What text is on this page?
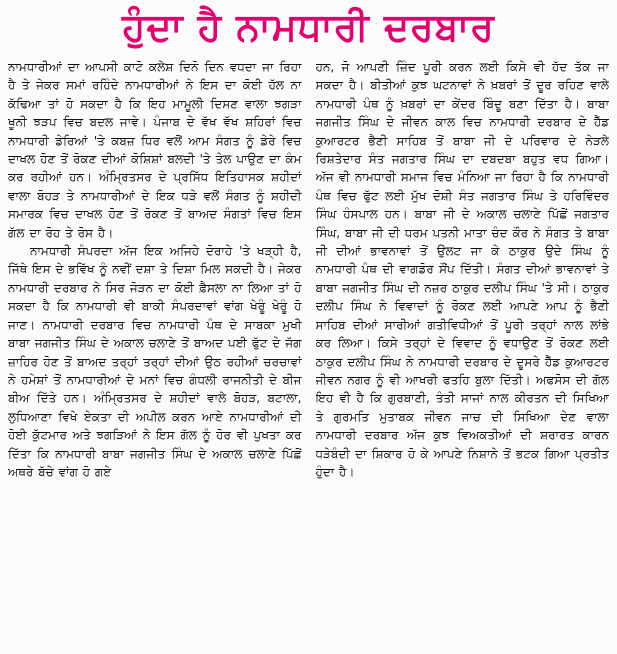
ਹੁੰਦਾ ਹੈ ਨਾਮਧਾਰੀ ਦਰਬਾਰ

ਨਾਮਧਾਰੀਆਂ ਦਾ ਆਪਸੀ ਕਾਟੋ ਕਲੇਸ਼ ਦਿਨੋ ਦਿਨ ਵਧਦਾ ਜਾ ਰਿਹਾ ਹੈ ਤੇ ਜੇਕਰ ਸਮਾਂ ਰਹਿੰਦੇ ਨਾਮਧਾਰੀਆਂ ਨੇ ਇਸ ਦਾ ਕੋਈ ਹੱਲ ਨਾ ਕੱਢਿਆ ਤਾਂ ਹੋ ਸਕਦਾ ਹੈ ਕਿ ਇਹ ਮਾਮੂਲੀ ਦਿਸਣ ਵਾਲਾ ਝਗੜਾ ਖੂਨੀ ਝੜਪ ਵਿਚ ਬਦਲ ਜਾਵੇ। ਪੰਜਾਬ ਦੇ ਵੱਖ ਵੱਖ ਸ਼ਹਿਰਾਂ ਵਿਚ ਨਾਮਧਾਰੀ ਡੇਰਿਆਂ 'ਤੇ ਕਬਜ਼ ਧਿਰ ਵਲੋਂ ਆਮ ਸੰਗਤ ਨੂੰ ਡੇਰੇ ਵਿਚ ਦਾਖਲ ਹੋਣ ਤੋਂ ਰੋਕਣ ਦੀਆਂ ਕੋਸ਼ਿਸ਼ਾਂ ਬਲਦੀ 'ਤੇ ਤੇਲ ਪਾਉਣ ਦਾ ਕੰਮ ਕਰ ਰਹੀਆਂ ਹਨ। ਅੰਮ੍ਰਿਤਸਰ ਦੇ ਪ੍ਰਸਿੱਧ ਇਤਿਹਾਸਕ ਸ਼ਹੀਦਾਂ ਵਾਲਾ ਬੋਹੜ ਤੇ ਨਾਮਧਾਰੀਆਂ ਦੇ ਇਕ ਧੜੇ ਵਲੋਂ ਸੰਗਤ ਨੂੰ ਸ਼ਹੀਦੀ ਸਮਾਰਕ ਵਿਚ ਦਾਖਲ ਹੋਣ ਤੋਂ ਰੋਕਣ ਤੋਂ ਬਾਅਦ ਸੰਗਤਾਂ ਵਿਚ ਇਸ ਗੱਲ ਦਾ ਰੋਹ ਤੇ ਰੋਸ ਹੈ।

ਨਾਮਧਾਰੀ ਸੰਪਰਦਾ ਅੱਜ ਇਕ ਅਜਿਹੇ ਦੋਰਾਹੇ 'ਤੇ ਖੜ੍ਹੀ ਹੈ, ਜਿੱਥੇ ਇਸ ਦੇ ਭਵਿੱਖ ਨੂੰ ਨਵੀਂ ਦਸ਼ਾ ਤੇ ਦਿਸ਼ਾ ਮਿਲ ਸਕਦੀ ਹੈ। ਜੇਕਰ ਨਾਮਧਾਰੀ ਦਰਬਾਰ ਨੇ ਸਿਰ ਜੋੜਨ ਦਾ ਕੋਈ ਫ਼ੈਸਲਾ ਨਾ ਲਿਆ ਤਾਂ ਹੋ ਸਕਦਾ ਹੈ ਕਿ ਨਾਮਧਾਰੀ ਵੀ ਬਾਕੀ ਸੰਪਰਦਾਵਾਂ ਵਾਂਗ ਖੇਰੂੰ ਖੇਰੂੰ ਹੋ ਜਾਣ। ਨਾਮਧਾਰੀ ਦਰਬਾਰ ਵਿਚ ਨਾਮਧਾਰੀ ਪੰਥ ਦੇ ਸਾਬਕਾ ਮੁਖੀ ਬਾਬਾ ਜਗਜੀਤ ਸਿੰਘ ਦੇ ਅਕਾਲ ਚਲਾਣੇ ਤੋਂ ਬਾਅਦ ਪਈ ਫੁੱਟ ਦੇ ਜੱਗ ਜ਼ਾਹਿਰ ਹੋਣ ਤੋਂ ਬਾਅਦ ਤਰ੍ਹਾਂ ਤਰ੍ਹਾਂ ਦੀਆਂ ਉਠ ਰਹੀਆਂ ਚਰਚਾਵਾਂ ਨੇ ਹਮੇਸ਼ਾਂ ਤੋਂ ਨਾਮਧਾਰੀਆਂ ਦੇ ਮਨਾਂ ਵਿਚ ਗੰਧਲੀ ਰਾਜਨੀਤੀ ਦੇ ਬੀਜ ਬੀਅ ਦਿੱਤੇ ਹਨ। ਅੰਮ੍ਰਿਤਸਰ ਦੇ ਸ਼ਹੀਦਾਂ ਵਾਲੇ ਬੋਹੜ, ਬਟਾਲਾ, ਲੁਧਿਆਣਾ ਵਿਖੇ ਏਕਤਾ ਦੀ ਅਪੀਲ ਕਰਨ ਆਏ ਨਾਮਧਾਰੀਆਂ ਦੀ ਹੋਈ ਕੁੱਟਮਾਰ ਅਤੇ ਝਗੜਿਆਂ ਨੇ ਇਸ ਗੱਲ ਨੂੰ ਹੋਰ ਵੀ ਪੁਖਤਾ ਕਰ ਦਿੱਤਾ ਕਿ ਨਾਮਧਾਰੀ ਬਾਬਾ ਜਗਜੀਤ ਸਿੰਘ ਦੇ ਅਕਾਲ ਚਲਾਣੇ ਪਿੱਛੋਂ ਅਥਰੇ ਬੱਚੇ ਵਾਂਗ ਹੋ ਗਏ

ਹਨ, ਜੋ ਆਪਣੀ ਜ਼ਿੰਦ ਪੂਰੀ ਕਰਨ ਲਈ ਕਿਸੇ ਵੀ ਹੱਦ ਤੱਕ ਜਾ ਸਕਦਾ ਹੈ। ਬੀਤੀਆਂ ਕੁਝ ਘਟਨਾਵਾਂ ਨੇ ਖ਼ਬਰਾਂ ਤੋਂ ਦੂਰ ਰਹਿਣ ਵਾਲੇ ਨਾਮਧਾਰੀ ਪੰਥ ਨੂੰ ਖ਼ਬਰਾਂ ਦਾ ਕੇਂਦਰ ਬਿੰਦੂ ਬਣਾ ਦਿੱਤਾ ਹੈ। ਬਾਬਾ ਜਗਜੀਤ ਸਿੰਘ ਦੇ ਜੀਵਨ ਕਾਲ ਵਿਚ ਨਾਮਧਾਰੀ ਦਰਬਾਰ ਦੇ ਹੈੱਡ ਕੁਆਰਟਰ ਭੈਣੀ ਸਾਹਿਬ ਤੋਂ ਬਾਬਾ ਜੀ ਦੇ ਪਰਿਵਾਰ ਦੇ ਨੇੜਲੇ ਰਿਸ਼ਤੇਦਾਰ ਸੰਤ ਜਗਤਾਰ ਸਿੰਘ ਦਾ ਦਬਦਬਾ ਬਹੁਤ ਵਧ ਗਿਆ। ਅੱਜ ਵੀ ਨਾਮਧਾਰੀ ਸਮਾਜ ਵਿਚ ਮੰਨਿਆ ਜਾ ਰਿਹਾ ਹੈ ਕਿ ਨਾਮਧਾਰੀ ਪੰਥ ਵਿਚ ਫੁੱਟ ਲਈ ਮੁੱਖ ਦੋਸ਼ੀ ਸੰਤ ਜਗਤਾਰ ਸਿੰਘ ਤੇ ਹਰਿਵਿੰਦਰ ਸਿੰਘ ਹੰਸਪਾਲ ਹਨ। ਬਾਬਾ ਜੀ ਦੇ ਅਕਾਲ ਚਲਾਣੇ ਪਿੱਛੋਂ ਜਗਤਾਰ ਸਿੰਘ, ਬਾਬਾ ਜੀ ਦੀ ਧਰਮ ਪਤਨੀ ਮਾਤਾ ਚੰਦ ਕੌਰ ਨੇ ਸੰਗਤ ਤੇ ਬਾਬਾ ਜੀ ਦੀਆਂ ਭਾਵਨਾਵਾਂ ਤੋਂ ਉਲਟ ਜਾ ਕੇ ਠਾਕੁਰ ਉਦੇ ਸਿੰਘ ਨੂੰ ਨਾਮਧਾਰੀ ਪੰਥ ਦੀ ਵਾਗਡੋਰ ਸੌਂਪ ਦਿੱਤੀ। ਸੰਗਤ ਦੀਆਂ ਭਾਵਨਾਵਾਂ ਤੇ ਬਾਬਾ ਜਗਜੀਤ ਸਿੰਘ ਦੀ ਨਜ਼ਰ ਠਾਕੁਰ ਦਲੀਪ ਸਿੰਘ 'ਤੇ ਸੀ। ਠਾਕੁਰ ਦਲੀਪ ਸਿੰਘ ਨੇ ਵਿਵਾਦਾਂ ਨੂੰ ਰੋਕਣ ਲਈ ਆਪਣੇ ਆਪ ਨੂੰ ਭੈਣੀ ਸਾਹਿਬ ਦੀਆਂ ਸਾਰੀਆਂ ਗਤੀਵਿਧੀਆਂ ਤੋਂ ਪੂਰੀ ਤਰ੍ਹਾਂ ਨਾਲ ਲਾਂਭੇ ਕਰ ਲਿਆ। ਕਿਸੇ ਤਰ੍ਹਾਂ ਦੇ ਵਿਵਾਦ ਨੂੰ ਵਧਾਉਣ ਤੋਂ ਰੋਕਣ ਲਈ ਠਾਕੁਰ ਦਲੀਪ ਸਿੰਘ ਨੇ ਨਾਮਧਾਰੀ ਦਰਬਾਰ ਦੇ ਦੂਸਰੇ ਹੈੱਡ ਕੁਆਰਟਰ ਜੀਵਨ ਨਗਰ ਨੂੰ ਵੀ ਆਖਰੀ ਫਤਹਿ ਬੁਲਾ ਦਿੱਤੀ। ਅਫਸੋਸ ਦੀ ਗੱਲ ਇਹ ਵੀ ਹੈ ਕਿ ਗੁਰਬਾਣੀ, ਤੰਤੀ ਸਾਜਾਂ ਨਾਲ ਕੀਰਤਨ ਦੀ ਸਿਖਿਆ ਤੇ ਗੁਰਮਤਿ ਮੁਤਾਬਕ ਜੀਵਨ ਜਾਚ ਦੀ ਸਿਖਿਆ ਦੇਣ ਵਾਲਾ ਨਾਮਧਾਰੀ ਦਰਬਾਰ ਅੱਜ ਕੁਝ ਵਿਅਕਤੀਆਂ ਦੀ ਸ਼ਰਾਰਤ ਕਾਰਨ ਧੜੇਬੰਦੀ ਦਾ ਸ਼ਿਕਾਰ ਹੋ ਕੇ ਆਪਣੇ ਨਿਸ਼ਾਨੇ ਤੋਂ ਭਟਕ ਗਿਆ ਪ੍ਰਤੀਤ ਹੁੰਦਾ ਹੈ।
